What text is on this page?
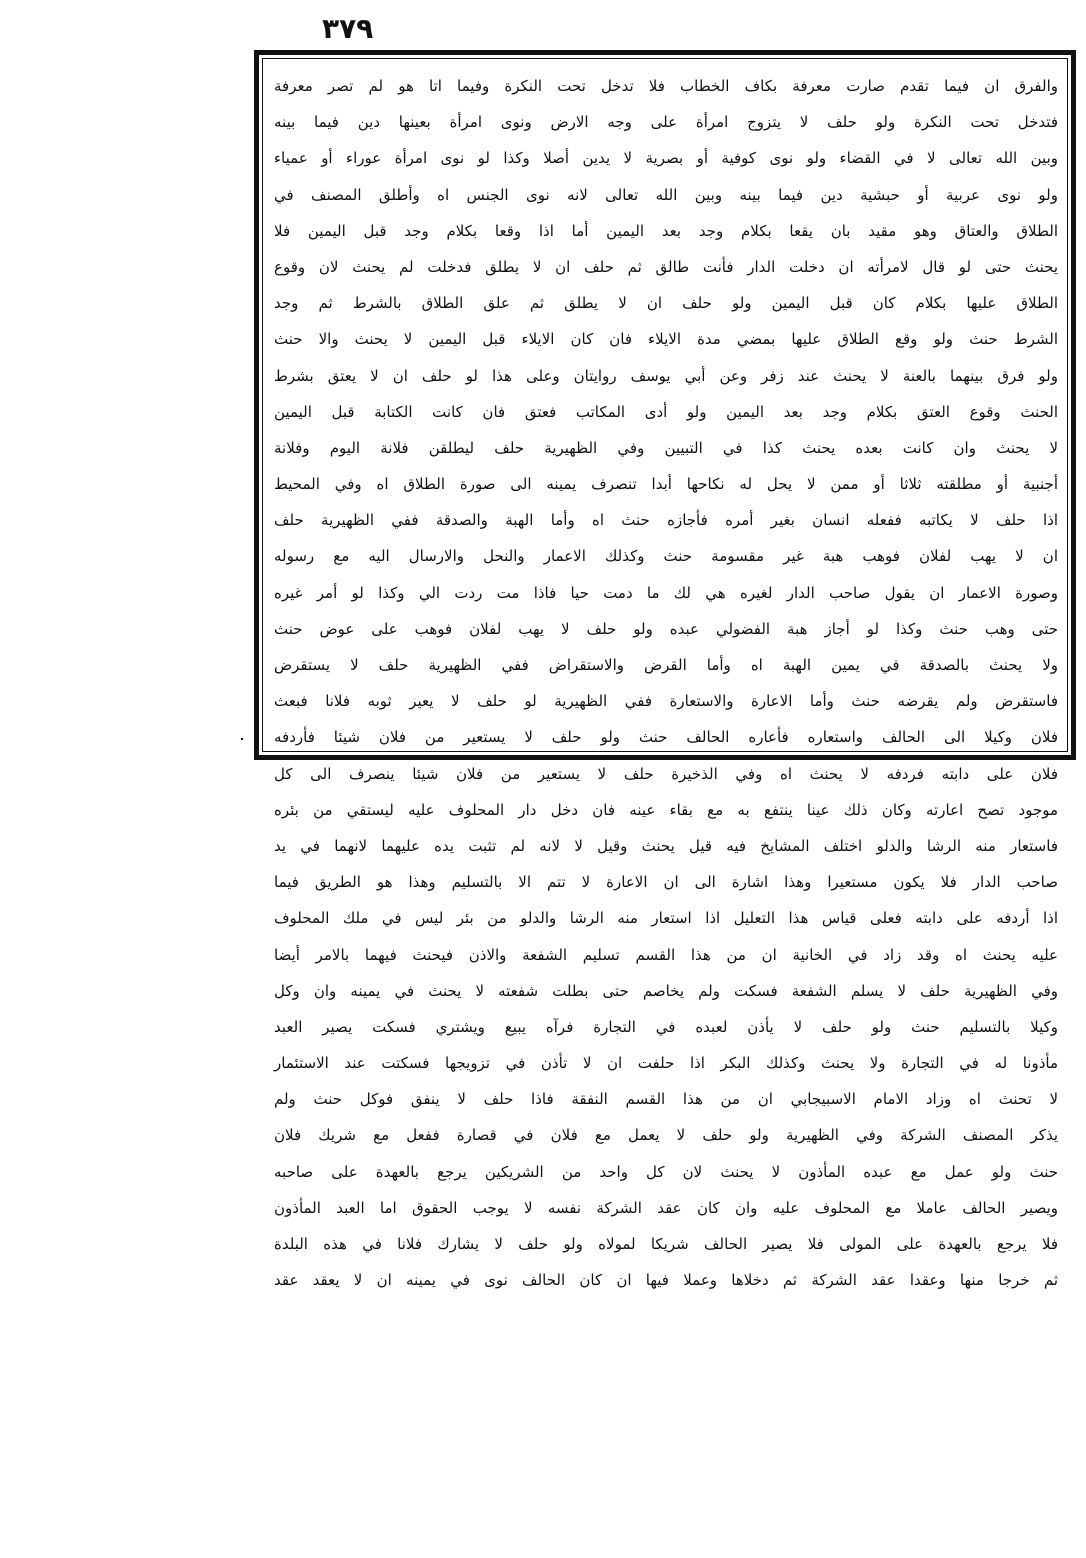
٣٧٩
والفرق ان فيما تقدم صارت معرفة بكاف الخطاب فلا تدخل تحت النكرة وفيما اتا هو لم تصر معرفة
فتدخل تحت النكرة ولو حلف لا يتزوج امرأة على وجه الارض ونوى امرأة بعينها دين فيما بينه
وبين الله تعالى لا في القضاء ولو نوى كوفية أو بصرية لا يدين أصلا وكذا لو نوى امرأة عوراء أو عمياء
ولو نوى عربية أو حبشية دين فيما بينه وبين الله تعالى لانه نوى الجنس اه وأطلق المصنف في
الطلاق والعتاق وهو مقيد بان يقعا بكلام وجد بعد اليمين أما اذا وقعا بكلام وجد قبل اليمين فلا
يحنث حتى لو قال لامرأته ان دخلت الدار فأنت طالق ثم حلف ان لا يطلق فدخلت لم يحنث لان وقوع
الطلاق عليها بكلام كان قبل اليمين ولو حلف ان لا يطلق ثم علق الطلاق بالشرط ثم وجد
الشرط حنث ولو وقع الطلاق عليها بمضي مدة الايلاء فان كان الايلاء قبل اليمين لا يحنث والا حنث
ولو فرق بينهما بالعنة لا يحنث عند زفر وعن أبي يوسف روايتان وعلى هذا لو حلف ان لا يعتق بشرط
الحنث وقوع العتق بكلام وجد بعد اليمين ولو أدى المكاتب فعتق فان كانت الكتابة قبل اليمين
لا يحنث وان كانت بعده يحنث كذا في التبيين وفي الظهيرية حلف ليطلقن فلانة اليوم وفلانة
أجنبية أو مطلقته ثلاثا أو ممن لا يحل له نكاحها أبدا تنصرف يمينه الى صورة الطلاق اه وفي المحيط
اذا حلف لا يكاتبه ففعله انسان بغير أمره فأجازه حنث اه وأما الهبة والصدقة ففي الظهيرية حلف
ان لا يهب لفلان فوهب هبة غير مقسومة حنث وكذلك الاعمار والنحل والارسال اليه مع رسوله
وصورة الاعمار ان يقول صاحب الدار لغيره هي لك ما دمت حيا فاذا مت ردت الي وكذا لو أمر غيره
حتى وهب حنث وكذا لو أجاز هبة الفضولي عبده ولو حلف لا يهب لفلان فوهب على عوض حنث
ولا يحنث بالصدقة في يمين الهبة اه وأما القرض والاستقراض ففي الظهيرية حلف لا يستقرض
فاستقرض ولم يقرضه حنث وأما الاعارة والاستعارة ففي الظهيرية لو حلف لا يعير ثوبه فلانا فبعث
فلان وكيلا الى الحالف واستعاره فأعاره الحالف حنث ولو حلف لا يستعير من فلان شيئا فأردفه
فلان على دابته فردفه لا يحنث اه وفي الذخيرة حلف لا يستعير من فلان شيئا ينصرف الى كل
موجود تصح اعارته وكان ذلك عينا ينتفع به مع بقاء عينه فان دخل دار المحلوف عليه ليستقي من بئره
فاستعار منه الرشا والدلو اختلف المشايخ فيه قيل يحنث وقيل لا لانه لم تثبت يده عليهما لانهما في يد
صاحب الدار فلا يكون مستعيرا وهذا اشارة الى ان الاعارة لا تتم الا بالتسليم وهذا هو الطريق فيما
اذا أردفه على دابته فعلى قياس هذا التعليل اذا استعار منه الرشا والدلو من بئر ليس في ملك المحلوف
عليه يحنث اه وقد زاد في الخانية ان من هذا القسم تسليم الشفعة والاذن فيحنث فيهما بالامر أيضا
وفي الظهيرية حلف لا يسلم الشفعة فسكت ولم يخاصم حتى بطلت شفعته لا يحنث في يمينه وان وكل
وكيلا بالتسليم حنث ولو حلف لا يأذن لعبده في التجارة فرآه يبيع ويشتري فسكت يصير العبد
مأذونا له في التجارة ولا يحنث وكذلك البكر اذا حلفت ان لا تأذن في تزويجها فسكتت عند الاستئمار
لا تحنث اه وزاد الامام الاسبيجابي ان من هذا القسم النفقة فاذا حلف لا ينفق فوكل حنث ولم
يذكر المصنف الشركة وفي الظهيرية ولو حلف لا يعمل مع فلان في قصارة ففعل مع شريك فلان
حنث ولو عمل مع عبده المأذون لا يحنث لان كل واحد من الشريكين يرجع بالعهدة على صاحبه
ويصير الحالف عاملا مع المحلوف عليه وان كان عقد الشركة نفسه لا يوجب الحقوق اما العبد المأذون
فلا يرجع بالعهدة على المولى فلا يصير الحالف شريكا لمولاه ولو حلف لا يشارك فلانا في هذه البلدة
ثم خرجا منها وعقدا عقد الشركة ثم دخلاها وعملا فيها ان كان الحالف نوى في يمينه ان لا يعقد عقد
